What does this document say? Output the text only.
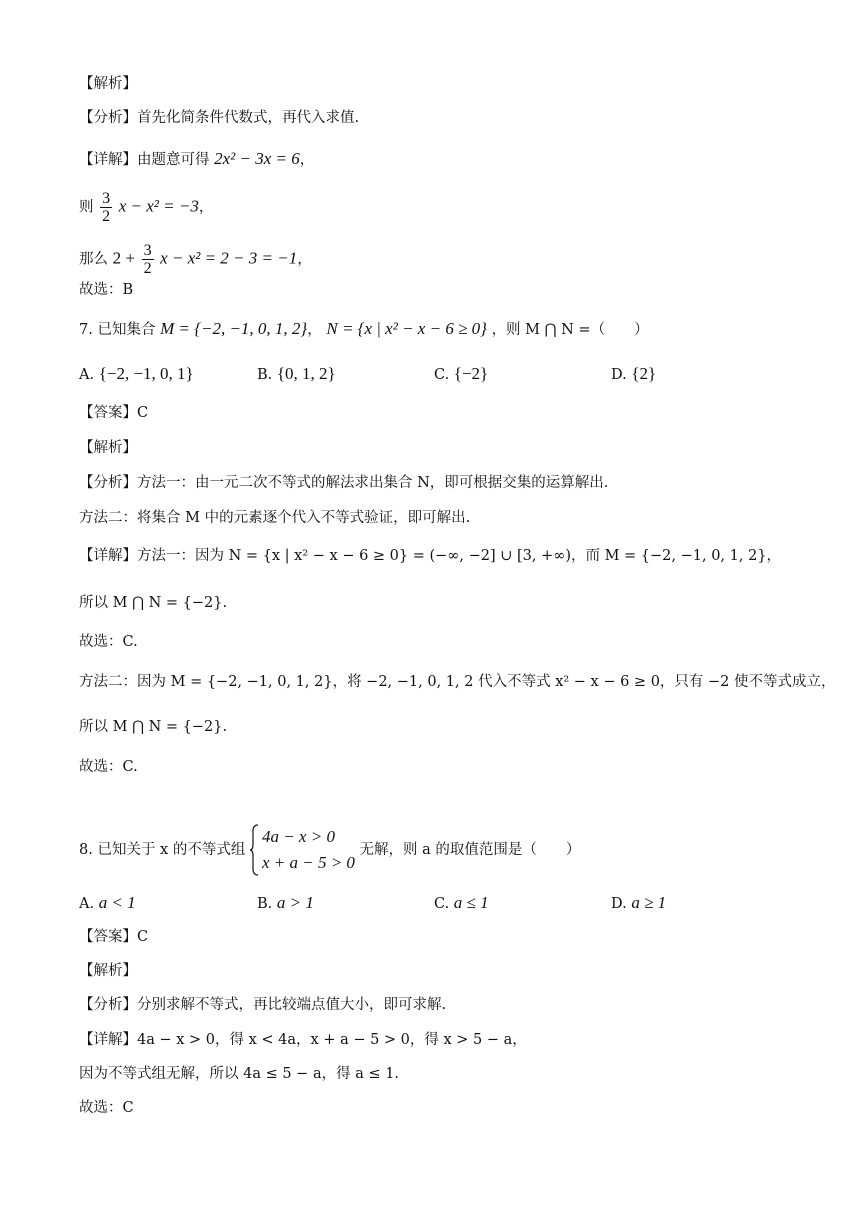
【解析】
【分析】首先化简条件代数式，再代入求值.
【详解】由题意可得 2x² − 3x = 6，
则 $\frac{3}{2}$ x − x² = −3，
那么 $2 + \frac{3}{2}$ x − x² = 2 − 3 = −1，
故选：B
7. 已知集合 M = {−2, −1, 0, 1, 2}， N = {x | x² − x − 6 ≥ 0} ，则 M ⋂ N =（　　）
A. {−2, −1, 0, 1}	B. {0, 1, 2}	C. {−2}	D. {2}
【答案】C
【解析】
【分析】方法一：由一元二次不等式的解法求出集合 N，即可根据交集的运算解出.
方法二：将集合 M 中的元素逐个代入不等式验证，即可解出.
【详解】方法一：因为 N = {x | x² − x − 6 ≥ 0} = (−∞, −2] ∪ [3, +∞)，而 M = {−2, −1, 0, 1, 2}，
所以 M ⋂ N = {−2}.
故选：C.
方法二：因为 M = {−2, −1, 0, 1, 2}，将 −2, −1, 0, 1, 2 代入不等式 x² − x − 6 ≥ 0，只有 −2 使不等式成立，
所以 M ⋂ N = {−2}.
故选：C.
8. 已知关于 x 的不等式组
4a − x > 0
x + a − 5 > 0
无解，则 a 的取值范围是（　　）
A. a < 1	B. a > 1	C. a ≤ 1	D. a ≥ 1
【答案】C
【解析】
【分析】分别求解不等式，再比较端点值大小，即可求解.
【详解】4a − x > 0，得 x < 4a，x + a − 5 > 0，得 x > 5 − a，
因为不等式组无解，所以 4a ≤ 5 − a，得 a ≤ 1.
故选：C
